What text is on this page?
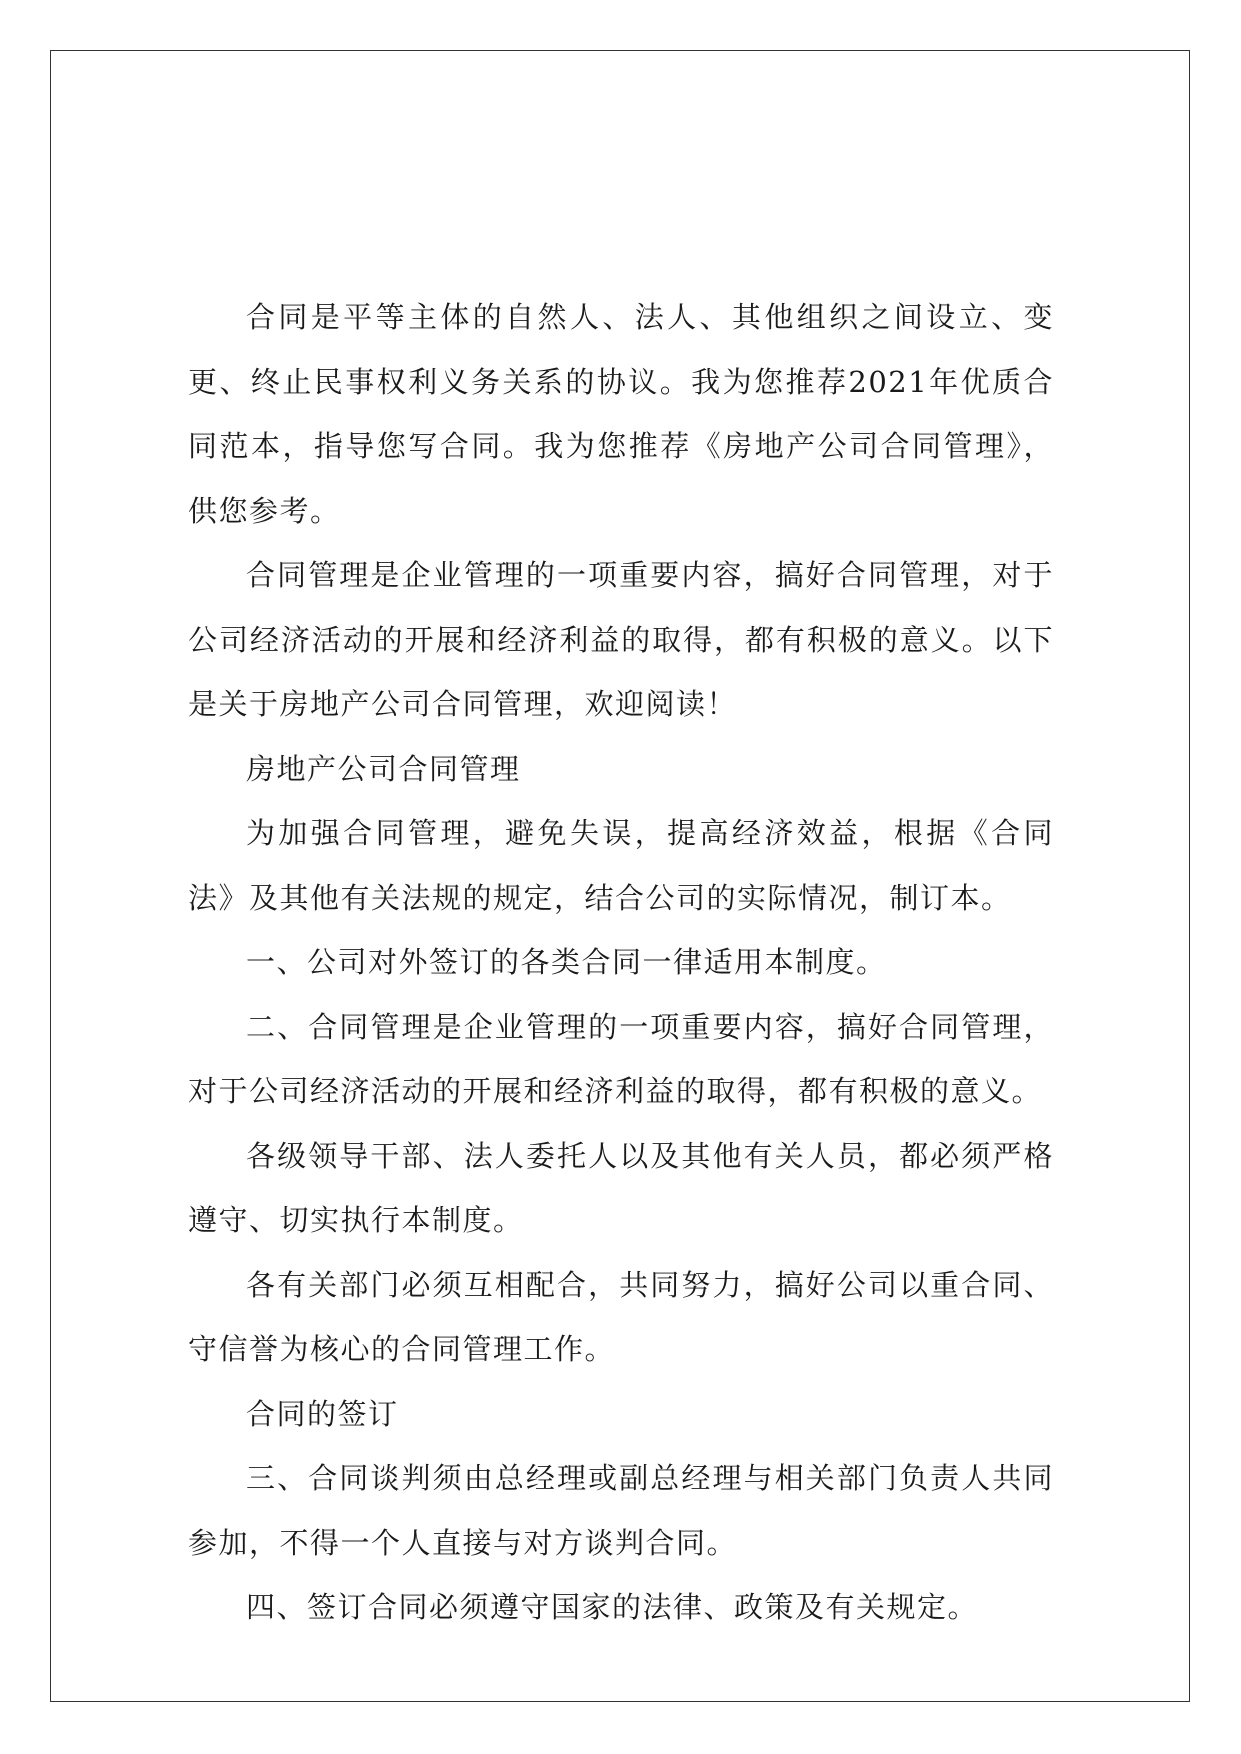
合同是平等主体的自然人、法人、其他组织之间设立、变更、终止民事权利义务关系的协议。我为您推荐2021年优质合同范本，指导您写合同。我为您推荐《房地产公司合同管理》，供您参考。

合同管理是企业管理的一项重要内容，搞好合同管理，对于公司经济活动的开展和经济利益的取得，都有积极的意义。以下是关于房地产公司合同管理，欢迎阅读！

房地产公司合同管理

为加强合同管理，避免失误，提高经济效益，根据《合同法》及其他有关法规的规定，结合公司的实际情况，制订本。

一、公司对外签订的各类合同一律适用本制度。

二、合同管理是企业管理的一项重要内容，搞好合同管理，对于公司经济活动的开展和经济利益的取得，都有积极的意义。

各级领导干部、法人委托人以及其他有关人员，都必须严格遵守、切实执行本制度。

各有关部门必须互相配合，共同努力，搞好公司以重合同、守信誉为核心的合同管理工作。

合同的签订

三、合同谈判须由总经理或副总经理与相关部门负责人共同参加，不得一个人直接与对方谈判合同。

四、签订合同必须遵守国家的法律、政策及有关规定。
